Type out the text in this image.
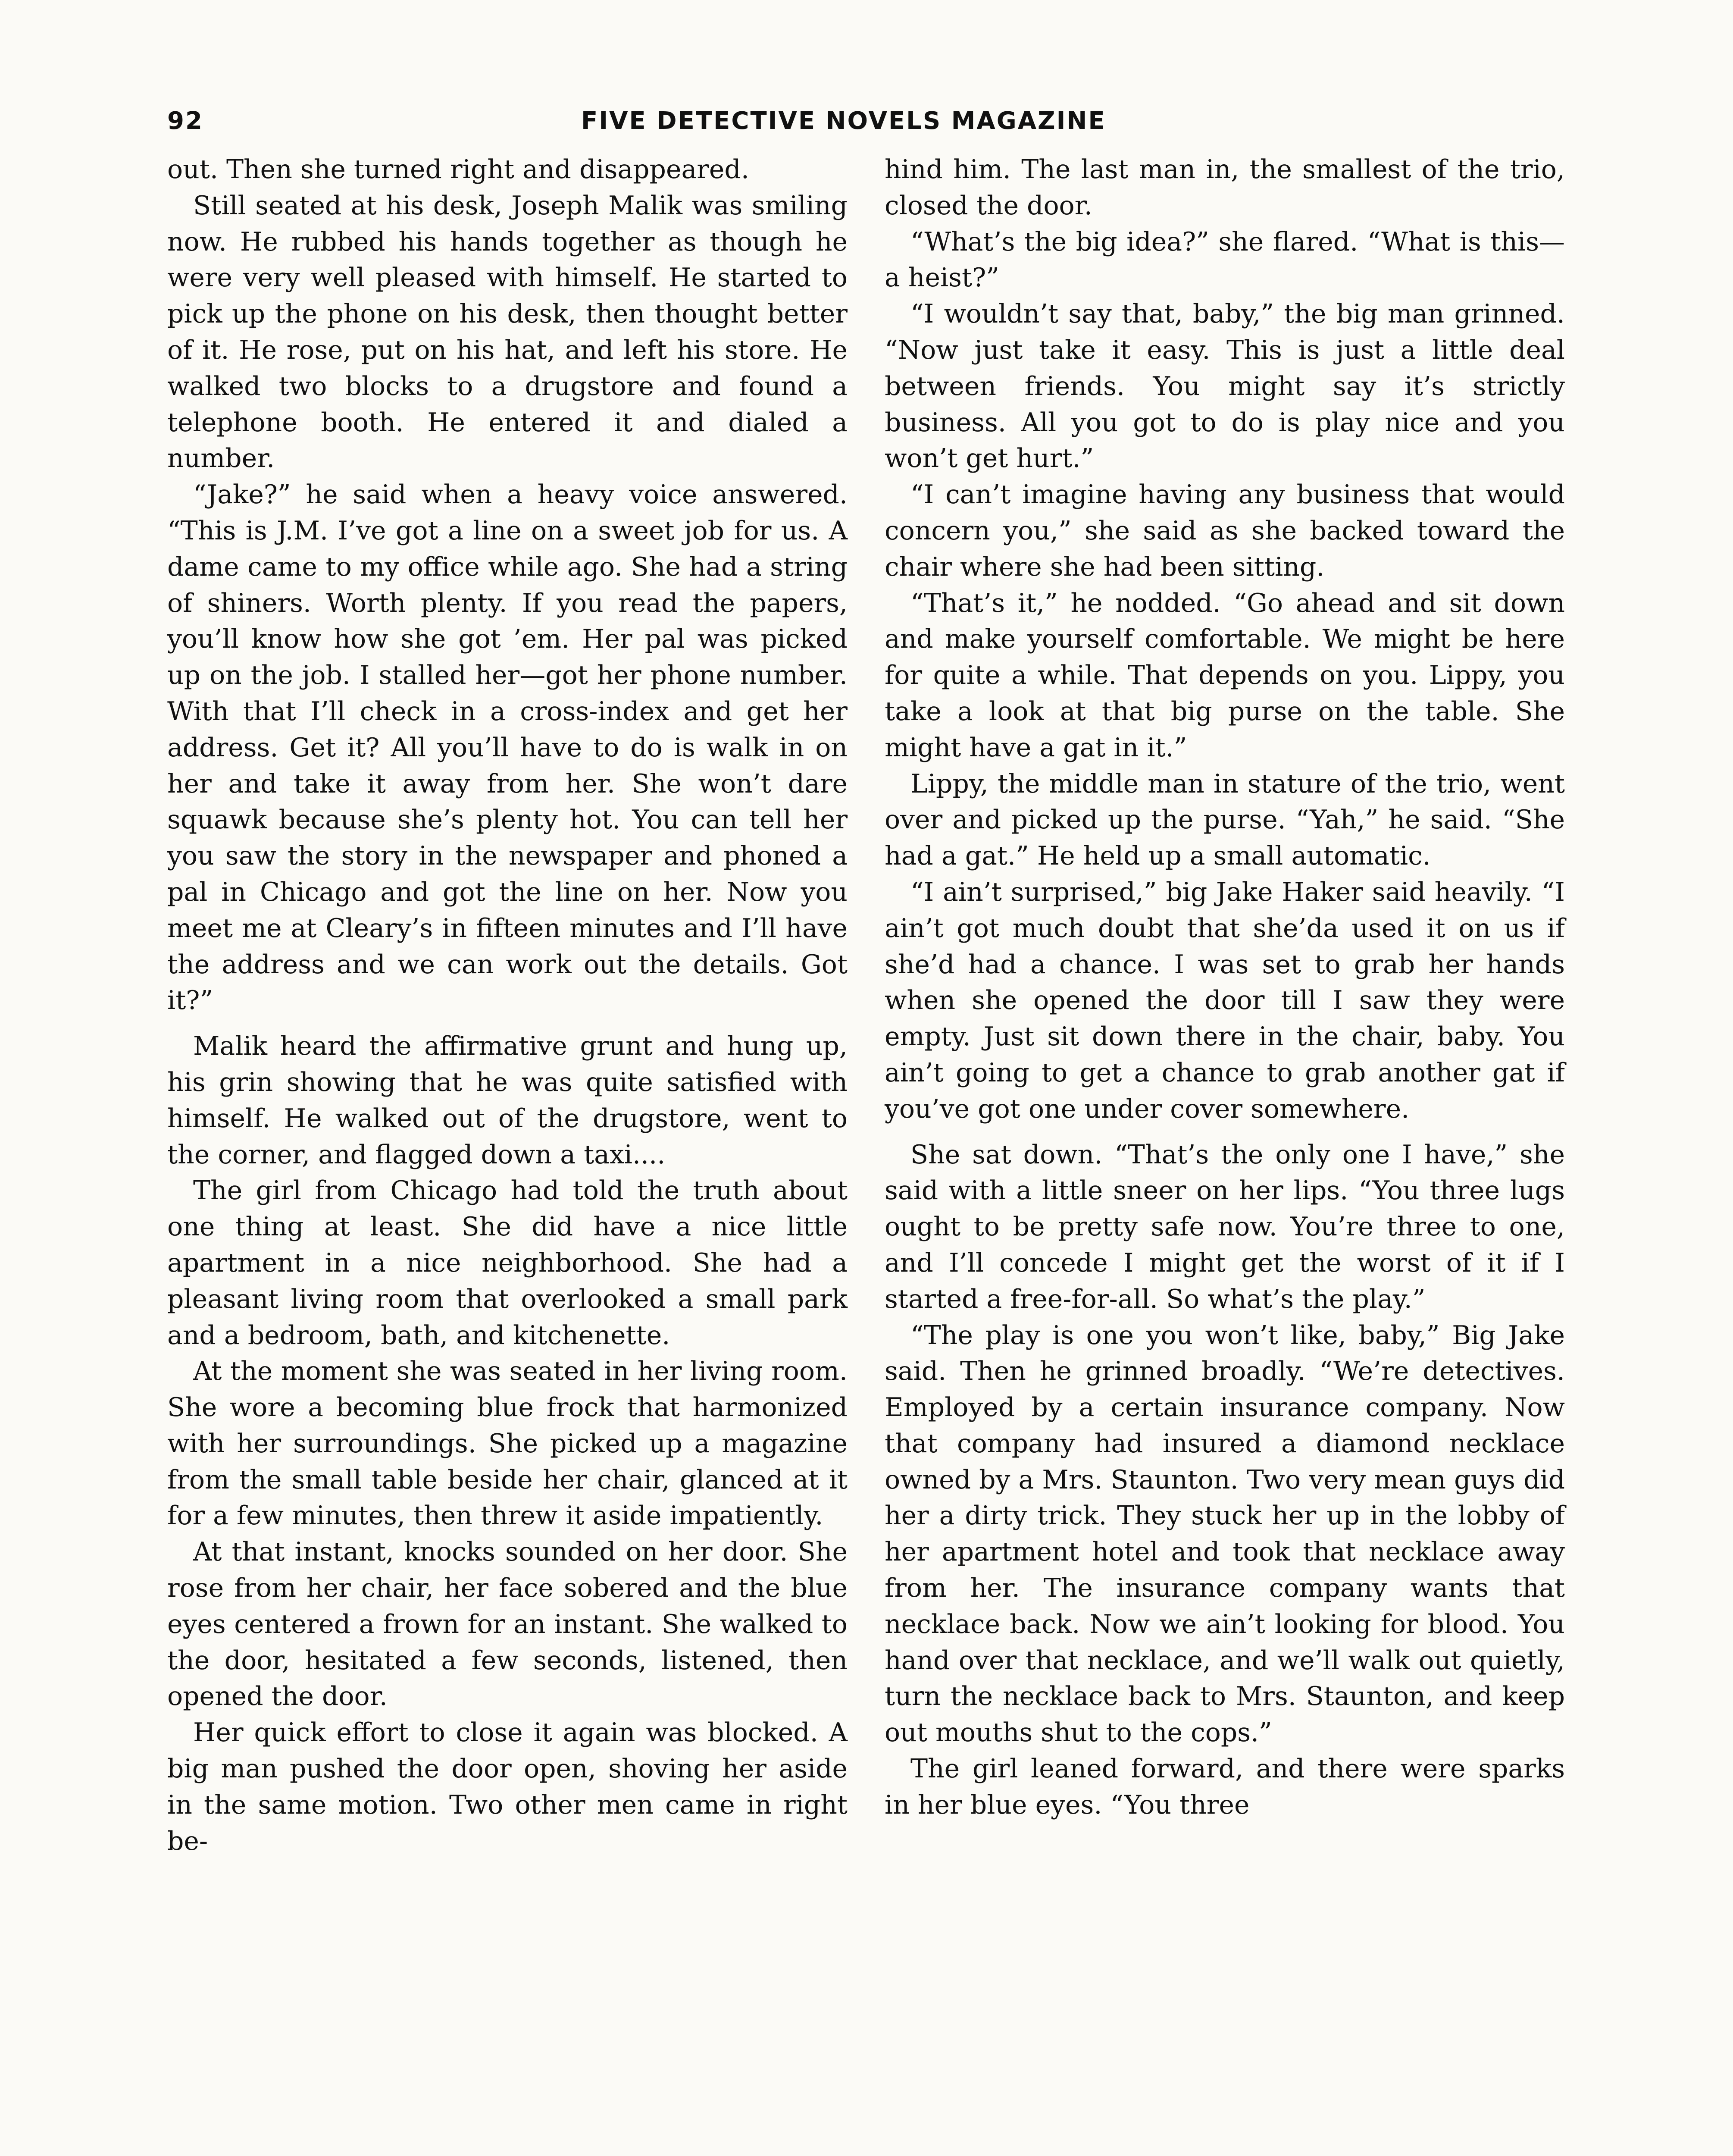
92	FIVE DETECTIVE NOVELS MAGAZINE

out. Then she turned right and disappeared.

Still seated at his desk, Joseph Malik was smiling now. He rubbed his hands together as though he were very well pleased with himself. He started to pick up the phone on his desk, then thought better of it. He rose, put on his hat, and left his store. He walked two blocks to a drugstore and found a telephone booth. He entered it and dialed a number.

“Jake?” he said when a heavy voice answered. “This is J.M. I’ve got a line on a sweet job for us. A dame came to my office while ago. She had a string of shiners. Worth plenty. If you read the papers, you’ll know how she got ’em. Her pal was picked up on the job. I stalled her—got her phone number. With that I’ll check in a cross-index and get her address. Get it? All you’ll have to do is walk in on her and take it away from her. She won’t dare squawk because she’s plenty hot. You can tell her you saw the story in the newspaper and phoned a pal in Chicago and got the line on her. Now you meet me at Cleary’s in fifteen minutes and I’ll have the address and we can work out the details. Got it?”

Malik heard the affirmative grunt and hung up, his grin showing that he was quite satisfied with himself. He walked out of the drugstore, went to the corner, and flagged down a taxi....

The girl from Chicago had told the truth about one thing at least. She did have a nice little apartment in a nice neighborhood. She had a pleasant living room that overlooked a small park and a bedroom, bath, and kitchenette.

At the moment she was seated in her living room. She wore a becoming blue frock that harmonized with her surroundings. She picked up a magazine from the small table beside her chair, glanced at it for a few minutes, then threw it aside impatiently.

At that instant, knocks sounded on her door. She rose from her chair, her face sobered and the blue eyes centered a frown for an instant. She walked to the door, hesitated a few seconds, listened, then opened the door.

Her quick effort to close it again was blocked. A big man pushed the door open, shoving her aside in the same motion. Two other men came in right be-

hind him. The last man in, the smallest of the trio, closed the door.

“What’s the big idea?” she flared. “What is this—a heist?”

“I wouldn’t say that, baby,” the big man grinned. “Now just take it easy. This is just a little deal between friends. You might say it’s strictly business. All you got to do is play nice and you won’t get hurt.”

“I can’t imagine having any business that would concern you,” she said as she backed toward the chair where she had been sitting.

“That’s it,” he nodded. “Go ahead and sit down and make yourself comfortable. We might be here for quite a while. That depends on you. Lippy, you take a look at that big purse on the table. She might have a gat in it.”

Lippy, the middle man in stature of the trio, went over and picked up the purse. “Yah,” he said. “She had a gat.” He held up a small automatic.

“I ain’t surprised,” big Jake Haker said heavily. “I ain’t got much doubt that she’da used it on us if she’d had a chance. I was set to grab her hands when she opened the door till I saw they were empty. Just sit down there in the chair, baby. You ain’t going to get a chance to grab another gat if you’ve got one under cover somewhere.

She sat down. “That’s the only one I have,” she said with a little sneer on her lips. “You three lugs ought to be pretty safe now. You’re three to one, and I’ll concede I might get the worst of it if I started a free-for-all. So what’s the play.”

“The play is one you won’t like, baby,” Big Jake said. Then he grinned broadly. “We’re detectives. Employed by a certain insurance company. Now that company had insured a diamond necklace owned by a Mrs. Staunton. Two very mean guys did her a dirty trick. They stuck her up in the lobby of her apartment hotel and took that necklace away from her. The insurance company wants that necklace back. Now we ain’t looking for blood. You hand over that necklace, and we’ll walk out quietly, turn the necklace back to Mrs. Staunton, and keep out mouths shut to the cops.”

The girl leaned forward, and there were sparks in her blue eyes. “You three
